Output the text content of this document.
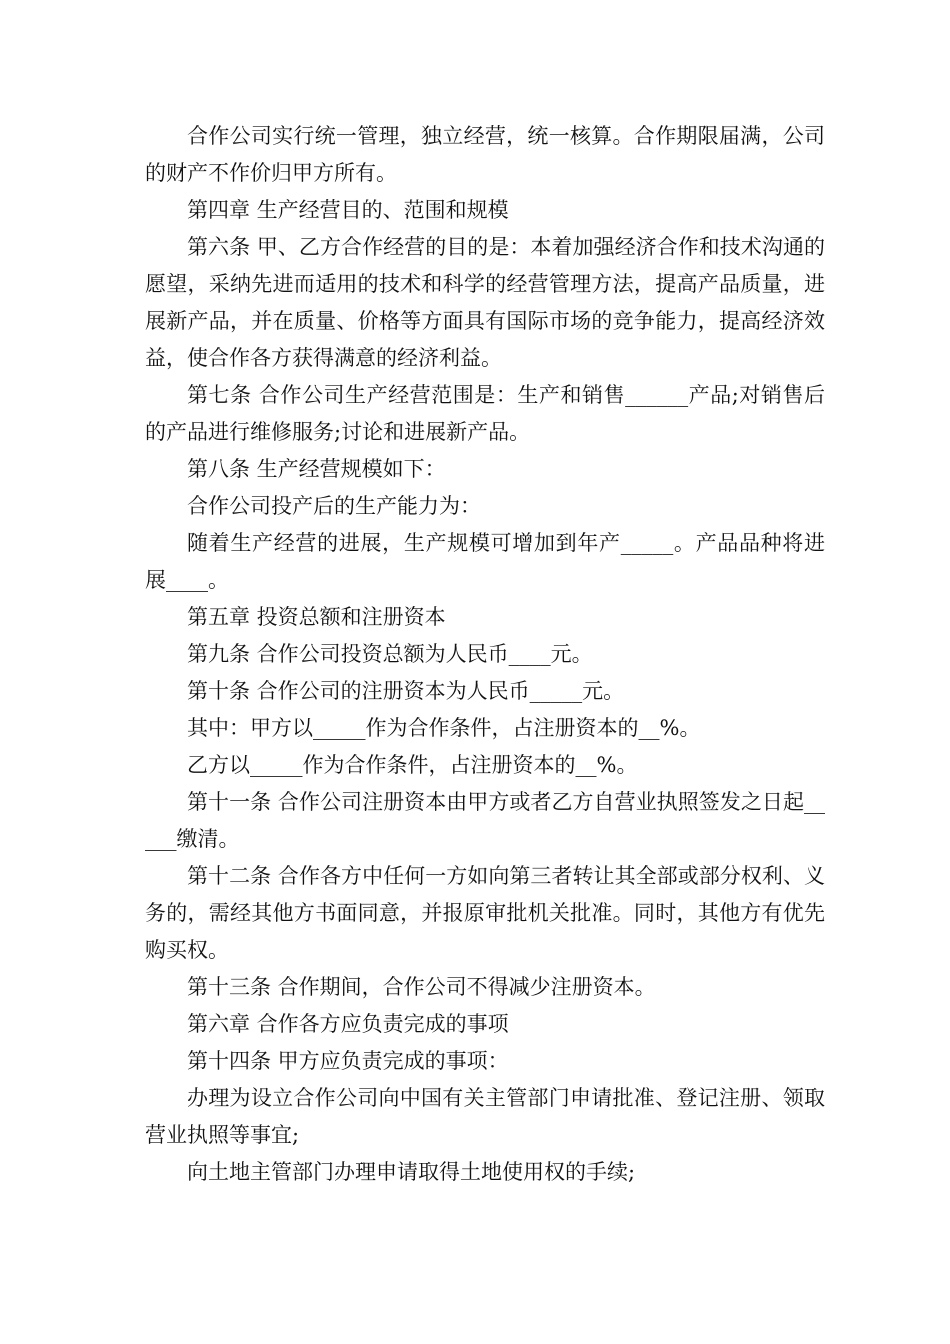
合作公司实行统一管理，独立经营，统一核算。合作期限届满，公司的财产不作价归甲方所有。

第四章 生产经营目的、范围和规模

第六条 甲、乙方合作经营的目的是：本着加强经济合作和技术沟通的愿望，采纳先进而适用的技术和科学的经营管理方法，提高产品质量，进展新产品，并在质量、价格等方面具有国际市场的竞争能力，提高经济效益，使合作各方获得满意的经济利益。

第七条 合作公司生产经营范围是：生产和销售______产品;对销售后的产品进行维修服务;讨论和进展新产品。

第八条 生产经营规模如下：

合作公司投产后的生产能力为：

随着生产经营的进展，生产规模可增加到年产_____。产品品种将进展____。

第五章 投资总额和注册资本

第九条 合作公司投资总额为人民币____元。

第十条 合作公司的注册资本为人民币_____元。

其中：甲方以_____作为合作条件，占注册资本的__%。

乙方以_____作为合作条件，占注册资本的__%。

第十一条 合作公司注册资本由甲方或者乙方自营业执照签发之日起_____缴清。

第十二条 合作各方中任何一方如向第三者转让其全部或部分权利、义务的，需经其他方书面同意，并报原审批机关批准。同时，其他方有优先购买权。

第十三条 合作期间，合作公司不得减少注册资本。

第六章 合作各方应负责完成的事项

第十四条 甲方应负责完成的事项：

办理为设立合作公司向中国有关主管部门申请批准、登记注册、领取营业执照等事宜;

向土地主管部门办理申请取得土地使用权的手续;
